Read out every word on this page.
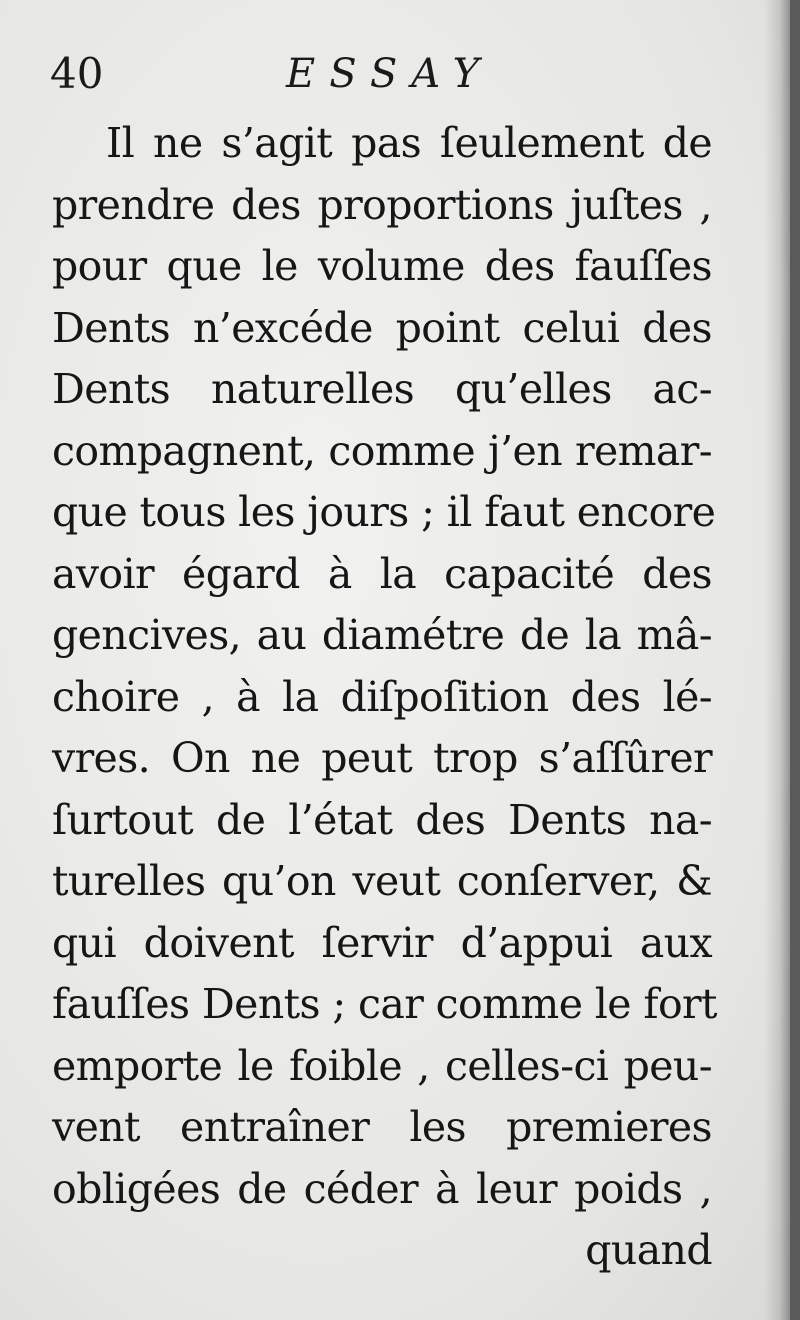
40	ESSAY
Il ne s’agit pas ſeulement de
prendre des proportions juſtes ,
pour que le volume des fauſſes
Dents n’excéde point celui des
Dents naturelles qu’elles ac-
compagnent, comme j’en remar-
que tous les jours ; il faut encore
avoir égard à la capacité des
gencives, au diamétre de la mâ-
choire , à la diſpoſition des lé-
vres. On ne peut trop s’aſſûrer
ſurtout de l’état des Dents na-
turelles qu’on veut conſerver, &
qui doivent ſervir d’appui aux
fauſſes Dents ; car comme le fort
emporte le foible , celles-ci peu-
vent entraîner les premieres
obligées de céder à leur poids ,
quand
